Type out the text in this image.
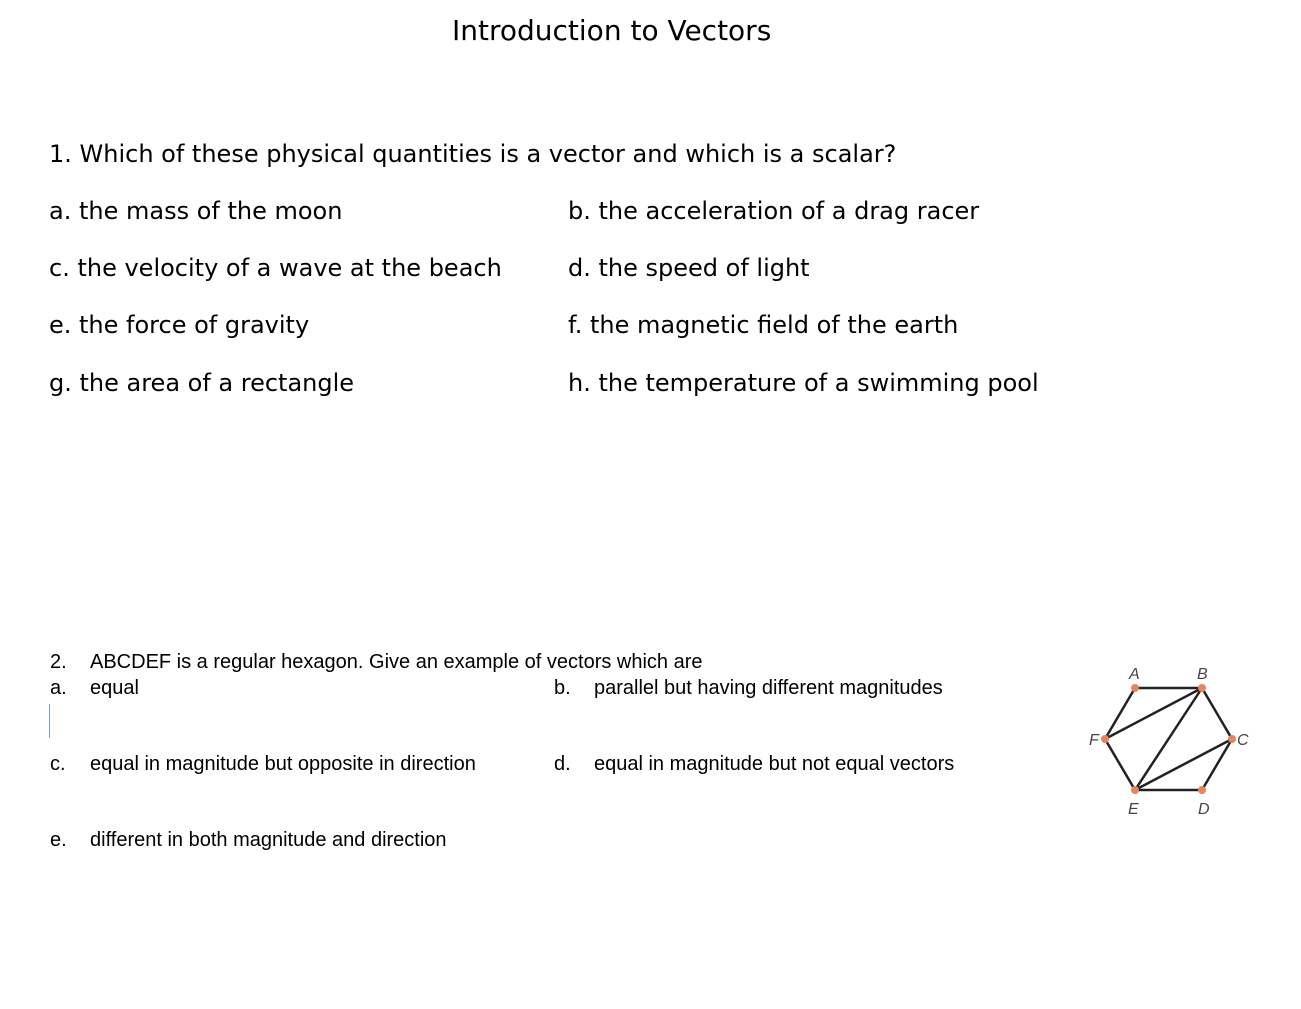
Introduction to Vectors
1. Which of these physical quantities is a vector and which is a scalar?
a. the mass of the moon	b. the acceleration of a drag racer
c. the velocity of a wave at the beach	d. the speed of light
e. the force of gravity	f. the magnetic field of the earth
g. the area of a rectangle	h. the temperature of a swimming pool
2. ABCDEF is a regular hexagon. Give an example of vectors which are
a. equal	b. parallel but having different magnitudes
c. equal in magnitude but opposite in direction	d. equal in magnitude but not equal vectors
e. different in both magnitude and direction
A	B
C
D
E
F
